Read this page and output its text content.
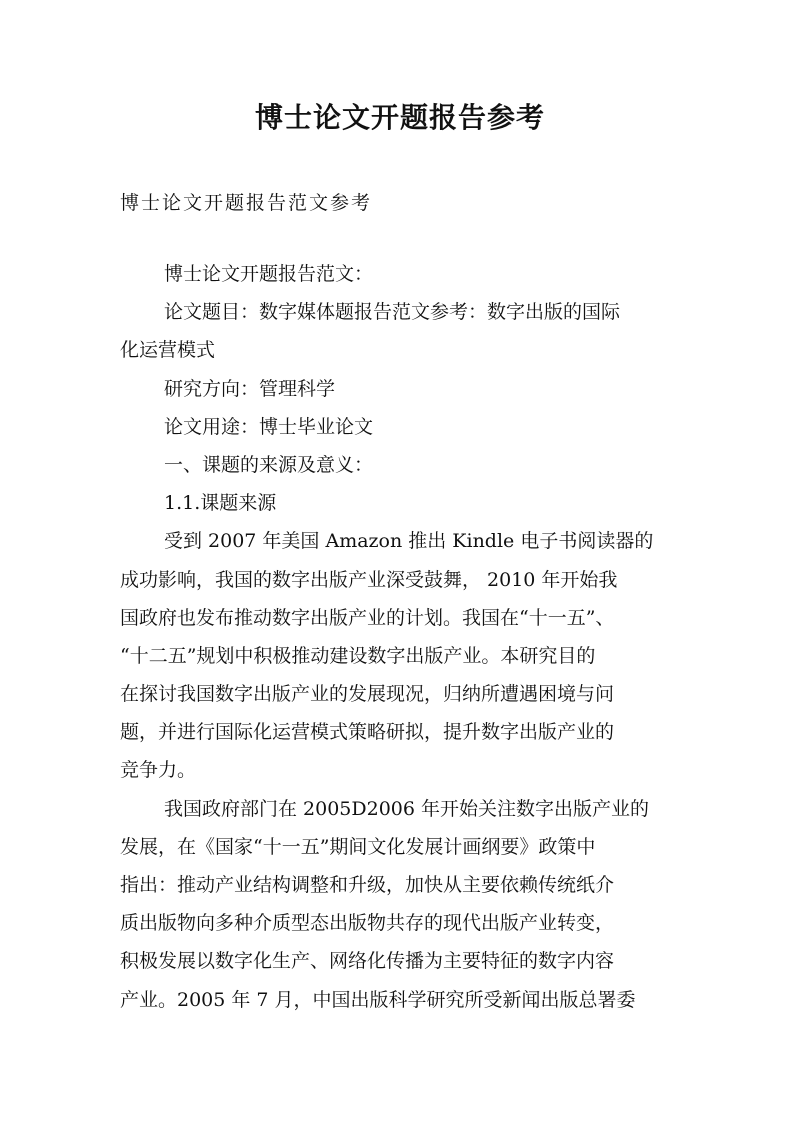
博士论文开题报告参考

博士论文开题报告范文参考

博士论文开题报告范文：
论文题目：数字媒体题报告范文参考：数字出版的国际
化运营模式
研究方向：管理科学
论文用途：博士毕业论文
一、课题的来源及意义：
1.1.课题来源
受到 2007 年美国 Amazon 推出 Kindle 电子书阅读器的
成功影响，我国的数字出版产业深受鼓舞， 2010 年开始我
国政府也发布推动数字出版产业的计划。我国在“十一五”、
“十二五”规划中积极推动建设数字出版产业。本研究目的
在探讨我国数字出版产业的发展现况，归纳所遭遇困境与问
题，并进行国际化运营模式策略研拟，提升数字出版产业的
竞争力。
我国政府部门在 2005D2006 年开始关注数字出版产业的
发展，在《国家“十一五”期间文化发展计画纲要》政策中
指出：推动产业结构调整和升级，加快从主要依赖传统纸介
质出版物向多种介质型态出版物共存的现代出版产业转变，
积极发展以数字化生产、网络化传播为主要特征的数字内容
产业。2005 年 7 月，中国出版科学研究所受新闻出版总署委
